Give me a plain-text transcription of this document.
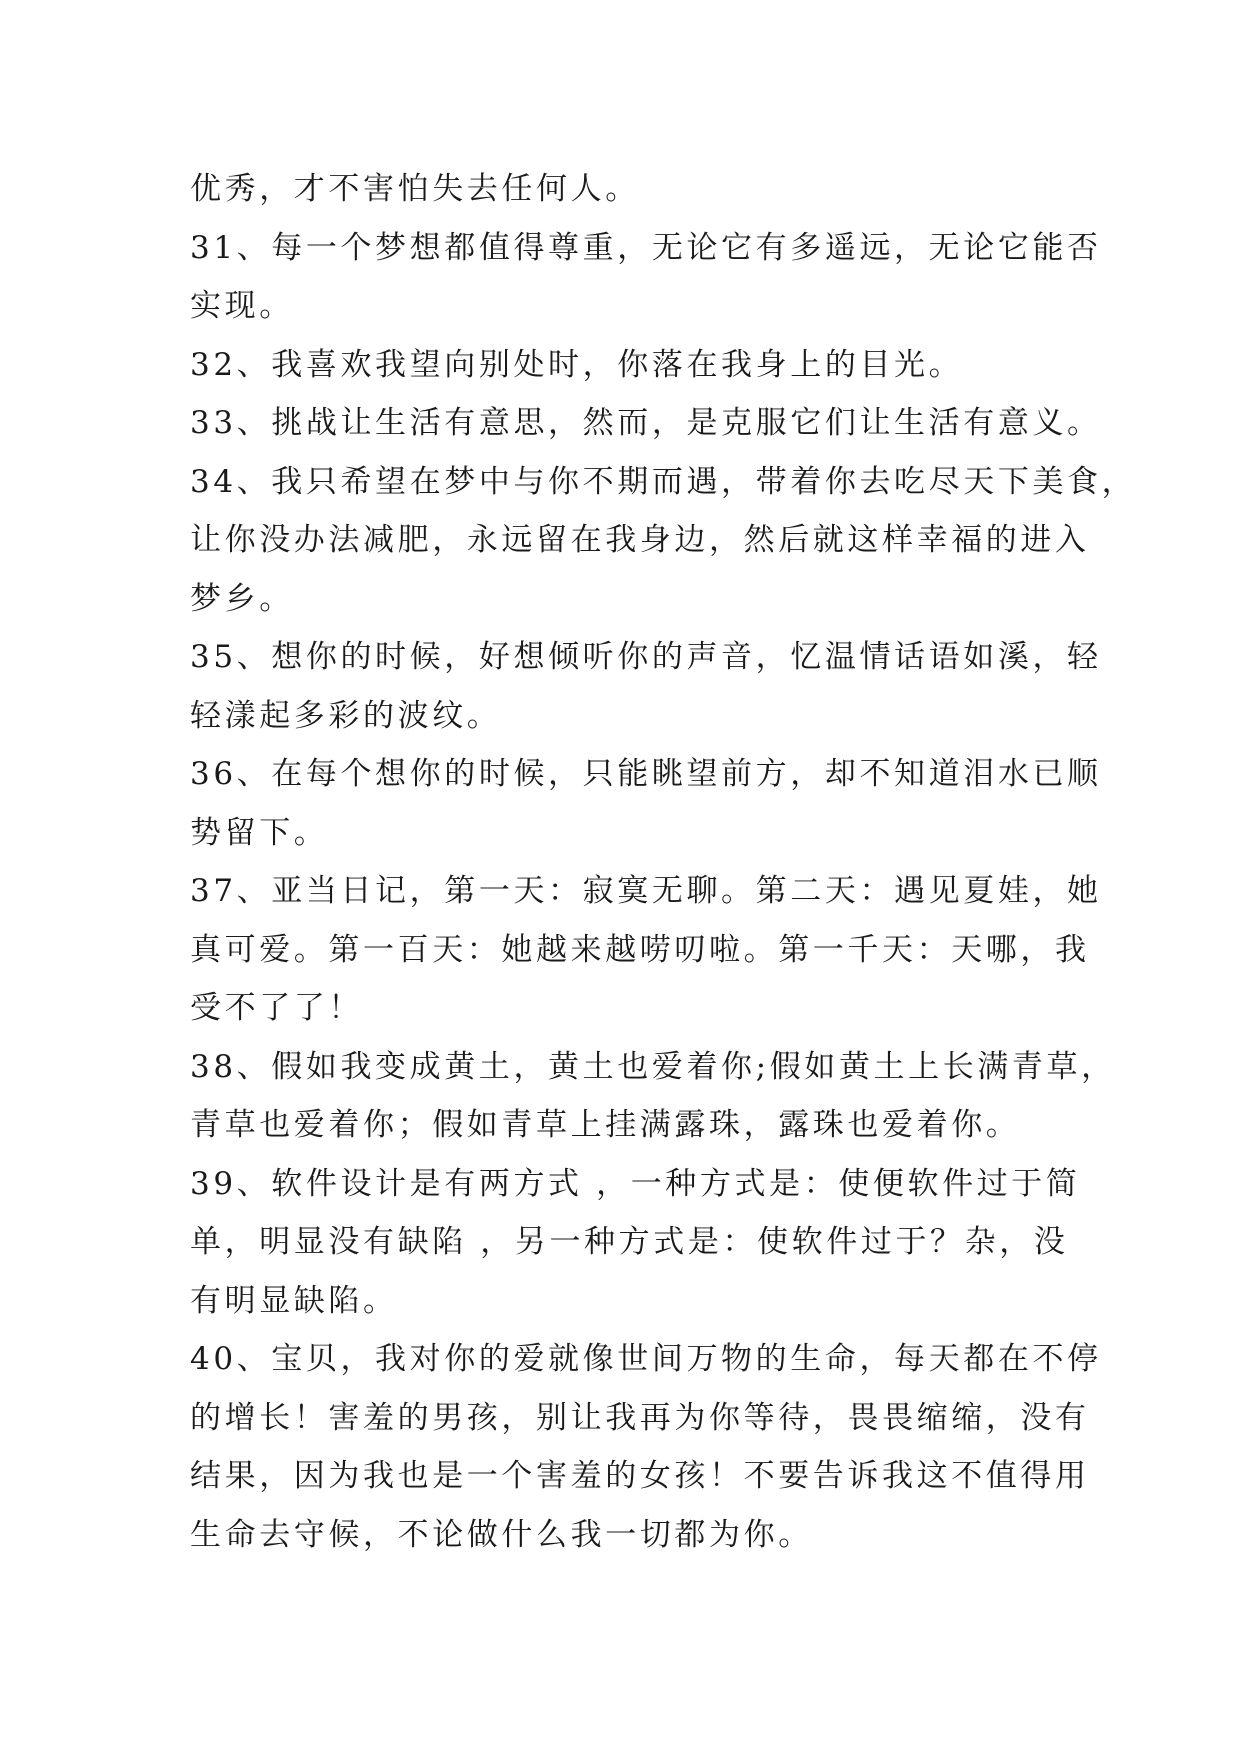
优秀，才不害怕失去任何人。
31、每一个梦想都值得尊重，无论它有多遥远，无论它能否
实现。
32、我喜欢我望向别处时，你落在我身上的目光。
33、挑战让生活有意思，然而，是克服它们让生活有意义。
34、我只希望在梦中与你不期而遇，带着你去吃尽天下美食，
让你没办法减肥，永远留在我身边，然后就这样幸福的进入
梦乡。
35、想你的时候，好想倾听你的声音，忆温情话语如溪，轻
轻漾起多彩的波纹。
36、在每个想你的时候，只能眺望前方，却不知道泪水已顺
势留下。
37、亚当日记，第一天：寂寞无聊。第二天：遇见夏娃，她
真可爱。第一百天：她越来越唠叨啦。第一千天：天哪，我
受不了了！
38、假如我变成黄土，黄土也爱着你;假如黄土上长满青草，
青草也爱着你；假如青草上挂满露珠，露珠也爱着你。
39、软件设计是有两方式 ，一种方式是：使便软件过于简
单，明显没有缺陷 ，另一种方式是：使软件过于？杂，没
有明显缺陷。
40、宝贝，我对你的爱就像世间万物的生命，每天都在不停
的增长！害羞的男孩，别让我再为你等待，畏畏缩缩，没有
结果，因为我也是一个害羞的女孩！不要告诉我这不值得用
生命去守候，不论做什么我一切都为你。
